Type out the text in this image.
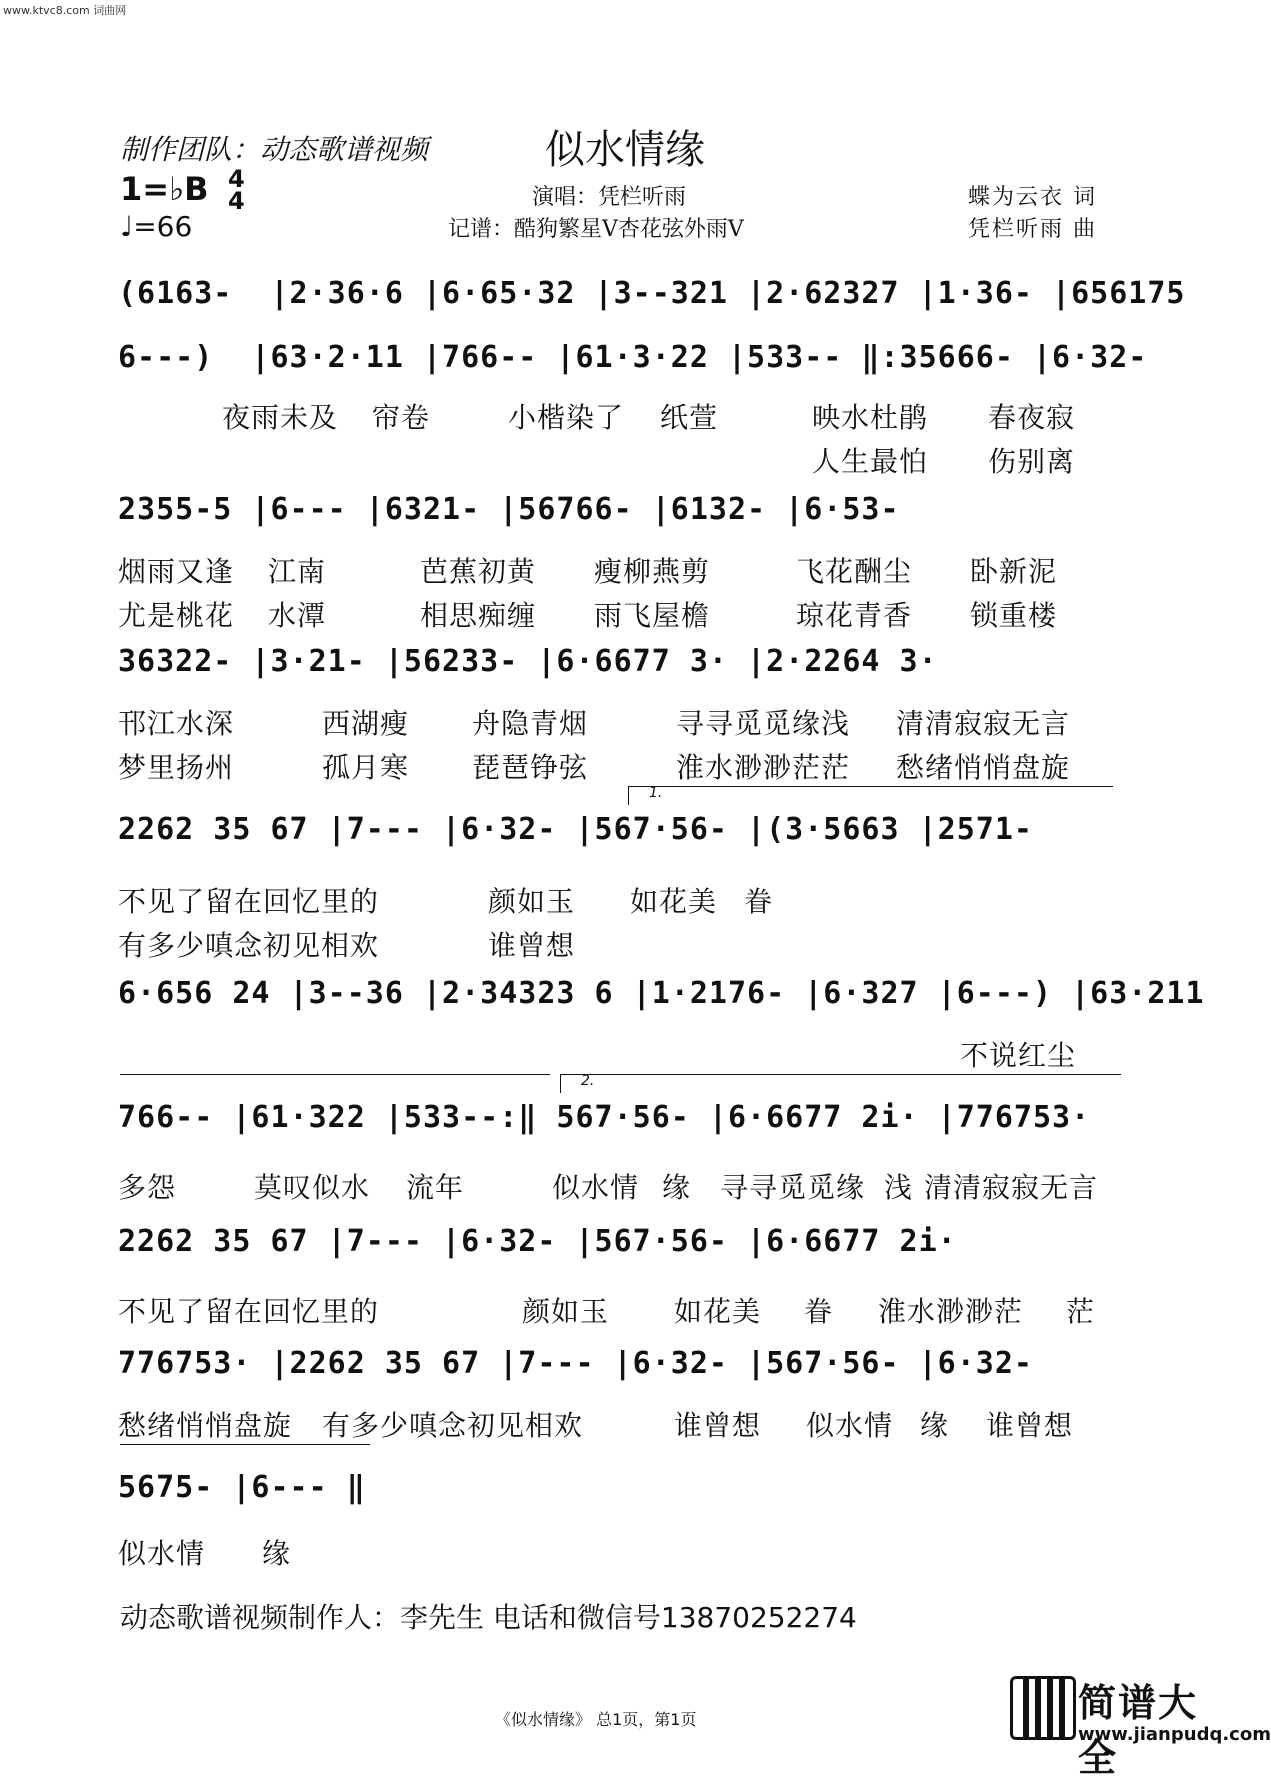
www.ktvc8.com 词曲网
制作团队：动态歌谱视频	似水情缘
1=♭B 4
4
♩=66
演唱：凭栏听雨
记谱：酷狗繁星V杏花弦外雨V
蝶为云衣 词
凭栏听雨 曲
(6163-  |2·36·6 |6·65·32 |3--321 |2·62327 |1·36- |656175
6---)  |63·2·11 |766-- |61·3·22 |533-- ‖:35666- |6·32-
夜雨未及 帘卷	小楷染了 纸萱	映水杜鹃 春夜寂
人生最怕 伤别离
2355-5 |6--- |6321- |56766- |6132- |6·53-
烟雨又逢 江南	芭蕉初黄 瘦柳燕剪	飞花酬尘 卧新泥
尤是桃花 水潭	相思痴缠 雨飞屋檐	琼花青香 锁重楼
36322- |3·21- |56233- |6·6677 3· |2·2264 3·
邗江水深	西湖瘦 舟隐青烟	寻寻觅觅缘浅 清清寂寂无言
梦里扬州	孤月寒 琵琶铮弦	淮水渺渺茫茫 愁绪悄悄盘旋
1.
2262 35 67 |7--- |6·32- |567·56- |(3·5663 |2571-
不见了留在回忆里的	颜如玉 如花美 眷
有多少嗔念初见相欢	谁曾想
6·656 24 |3--36 |2·34323 6 |1·2176- |6·327 |6---) |63·211
不说红尘
2.
766-- |61·322 |533--:‖ 567·56- |6·6677 2i· |776753·
多怨	莫叹似水 流年	似水情 缘 寻寻觅觅缘 浅 清清寂寂无言
2262 35 67 |7--- |6·32- |567·56- |6·6677 2i·
不见了留在回忆里的	颜如玉 如花美 眷 淮水渺渺茫 茫
776753· |2262 35 67 |7--- |6·32- |567·56- |6·32-
愁绪悄悄盘旋 有多少嗔念初见相欢	谁曾想 似水情 缘 谁曾想
5675- |6--- ‖
似水情 缘
动态歌谱视频制作人：李先生 电话和微信号13870252274
《似水情缘》 总1页，第1页	简谱大全
www.jianpudq.com
